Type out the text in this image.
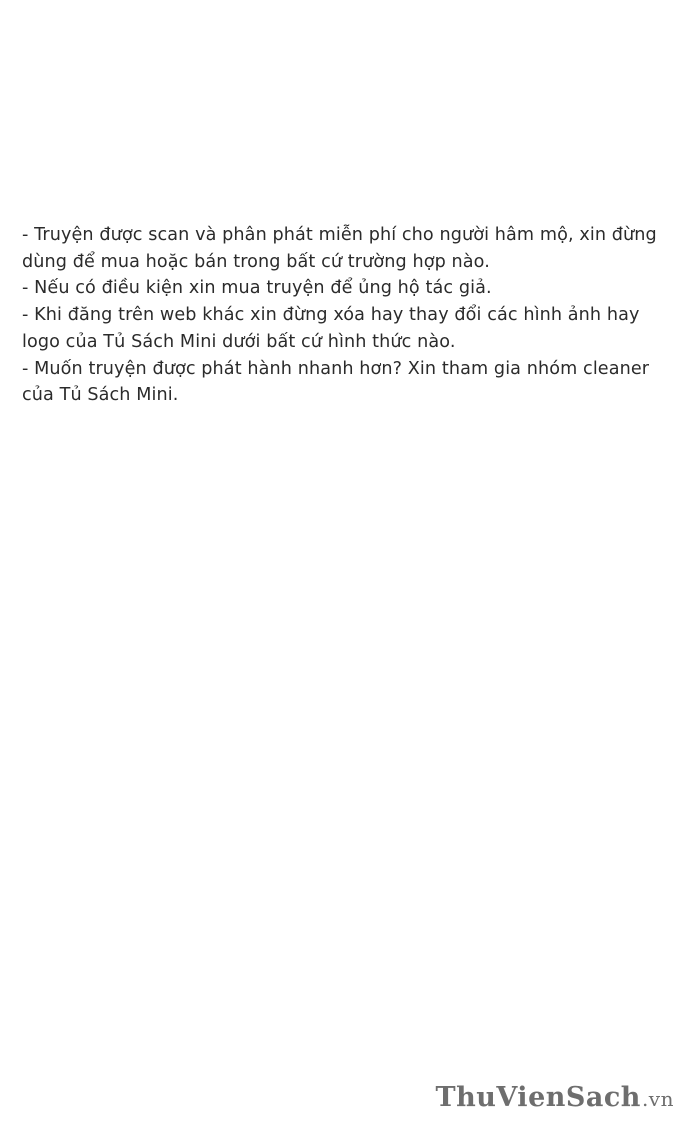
- Truyện được scan và phân phát miễn phí cho người hâm mộ, xin đừng dùng để mua hoặc bán trong bất cứ trường hợp nào.

- Nếu có điều kiện xin mua truyện để ủng hộ tác giả.

- Khi đăng trên web khác xin đừng xóa hay thay đổi các hình ảnh hay logo của Tủ Sách Mini dưới bất cứ hình thức nào.

- Muốn truyện được phát hành nhanh hơn? Xin tham gia nhóm cleaner của Tủ Sách Mini.

ThuVienSach .vn
